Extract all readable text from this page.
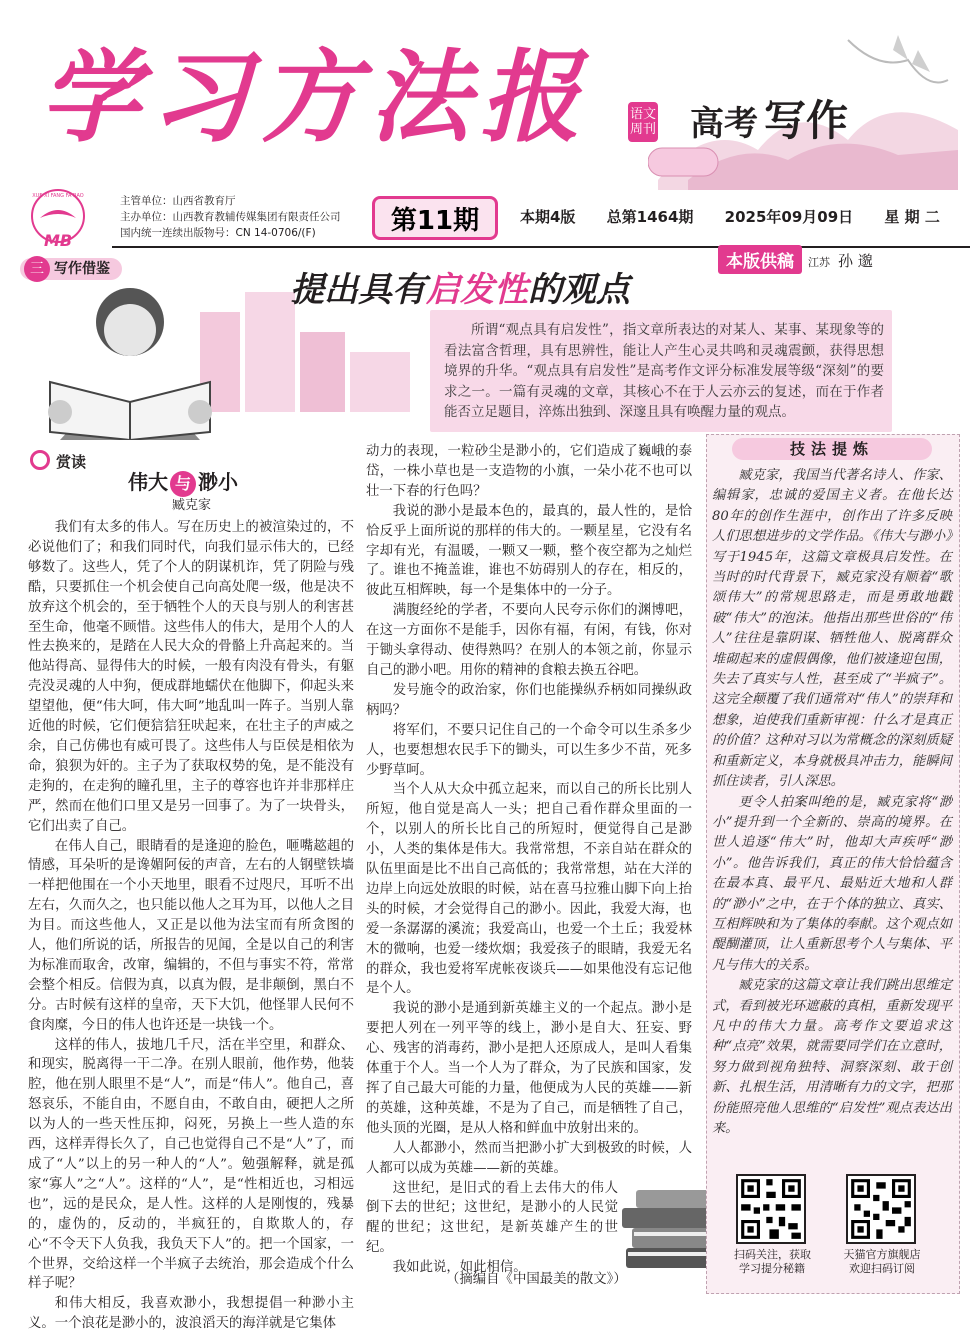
学习方法报	语文周刊 高考 写作
MB
XUE XI FANG FA BAO	主管单位：山西省教育厅
主办单位：山西教育教辅传媒集团有限责任公司
国内统一连续出版物号：CN 14-0706/(F)	第11期	本期4版 总第1464期 2025年09月09日 星 期 二
写作借鉴
三	本版供稿	江苏 孙 邈
提出具有启发性的观点
所谓“观点具有启发性”，指文章所表达的对某人、某事、某现象等的看法富含哲理，具有思辨性，能让人产生心灵共鸣和灵魂震颤，获得思想境界的升华。“观点具有启发性”是高考作文评分标准发展等级“深刻”的要求之一。一篇有灵魂的文章，其核心不在于人云亦云的复述，而在于作者能否立足题目，淬炼出独到、深邃且具有唤醒力量的观点。
赏读
伟大 与 渺小
臧克家

我们有太多的伟人。写在历史上的被渲染过的，不必说他们了；和我们同时代，向我们显示伟大的，已经够数了。这些人，凭了个人的阴谋机诈，凭了阴险与残酷，只要抓住一个机会使自己向高处爬一级，他是决不放弃这个机会的，至于牺牲个人的天良与别人的利害甚至生命，他毫不顾惜。这些伟人的伟大，是用个人的人性去换来的，是踏在人民大众的骨骼上升高起来的。当他站得高、显得伟大的时候，一般有肉没有骨头，有躯壳没灵魂的人中狗，便成群地蠕伏在他脚下，仰起头来望望他，便“伟大呵，伟大呵”地乱叫一阵子。当别人靠近他的时候，它们便狺狺狂吠起来，在壮主子的声威之余，自己仿佛也有威可畏了。这些伟人与臣侯是相依为命，狼狈为奸的。主子为了获取权势的兔，是不能没有走狗的，在走狗的瞳孔里，主子的尊容也许并非那样庄严，然而在他们口里又是另一回事了。为了一块骨头，它们出卖了自己。

在伟人自己，眼睛看的是逢迎的脸色，咂嘴趑趄的情感，耳朵听的是谗媚阿佞的声音，左右的人钢壁铁墙一样把他围在一个小天地里，眼看不过咫尺，耳听不出左右，久而久之，也只能以他人之耳为耳，以他人之目为目。而这些他人，又正是以他为法宝而有所贪图的人，他们所说的话，所报告的见闻，全是以自己的利害为标准而取舍，改窜，编辑的，不但与事实不符，常常会整个相反。信假为真，以真为假，是非颠倒，黑白不分。古时候有这样的皇帝，天下大饥，他怪罪人民何不食肉糜，今日的伟人也许还是一块钱一个。

这样的伟人，拔地几千尺，活在半空里，和群众、和现实，脱离得一干二净。在别人眼前，他作势，他装腔，他在别人眼里不是“人”，而是“伟人”。他自己，喜怒哀乐，不能自由，不愿自由，不敢自由，硬把人之所以为人的一些天性压抑，闷死，另换上一些人造的东西，这样弄得长久了，自己也觉得自己不是“人”了，而成了“人”以上的另一种人的“人”。勉强解释，就是孤家“寡人”之“人”。这样的“人”，是“性相近也，习相远也”，远的是民众，是人性。这样的人是刚愎的，残暴的，虚伪的，反动的，半疯狂的，自欺欺人的，存心“不令天下人负我，我负天下人”的。把一个国家，一个世界，交给这样一个半疯子去统治，那会造成个什么样子呢？

和伟大相反，我喜欢渺小，我想提倡一种渺小主义。一个浪花是渺小的，波浪滔天的海洋就是它集体

动力的表现，一粒砂尘是渺小的，它们造成了巍峨的泰岱，一株小草也是一支造物的小旗，一朵小花不也可以壮一下春的行色吗？

我说的渺小是最本色的，最真的，最人性的，是恰恰反乎上面所说的那样的伟大的。一颗星星，它没有名字却有光，有温暖，一颗又一颗，整个夜空都为之灿烂了。谁也不掩盖谁，谁也不妨碍别人的存在，相反的，彼此互相辉映，每一个是集体中的一分子。

满腹经纶的学者，不要向人民夸示你们的渊博吧，在这一方面你不是能手，因你有福，有闲，有钱，你对于锄头拿得动、使得熟吗？在别人的本领之前，你显示自己的渺小吧。用你的精神的食粮去换五谷吧。

发号施令的政治家，你们也能操纵乔柄如同操纵政柄吗？

将军们，不要只记住自己的一个命令可以生杀多少人，也要想想农民手下的锄头，可以生多少不苗，死多少野草呵。

当个人从大众中孤立起来，而以自己的所长比别人所短，他自觉是高人一头；把自己看作群众里面的一个，以别人的所长比自己的所短时，便觉得自己是渺小，人类的集体是伟大。我常常想，不亲自站在群众的队伍里面是比不出自己高低的；我常常想，站在大洋的边岸上向远处放眼的时候，站在喜马拉雅山脚下向上抬头的时候，才会觉得自己的渺小。因此，我爱大海，也爱一条潺潺的溪流；我爱高山，也爱一个土丘；我爱林木的微响，也爱一缕炊烟；我爱孩子的眼睛，我爱无名的群众，我也爱将军虎帐夜谈兵——如果他没有忘记他是个人。

我说的渺小是通到新英雄主义的一个起点。渺小是要把人列在一列平等的线上，渺小是自大、狂妄、野心、残害的消毒药，渺小是把人还原成人，是叫人看集体重于个人。当一个人为了群众，为了民族和国家，发挥了自己最大可能的力量，他便成为人民的英雄——新的英雄，这种英雄，不是为了自己，而是牺牲了自己，他头顶的光圈，是从人格和鲜血中放射出来的。

人人都渺小，然而当把渺小扩大到极致的时候，人人都可以成为英雄——新的英雄。

这世纪，是旧式的看上去伟大的伟人倒下去的世纪；这世纪，是渺小的人民觉醒的世纪；这世纪，是新英雄产生的世纪。

我如此说，如此相信。

（摘编自《中国最美的散文》）
技法提炼

臧克家，我国当代著名诗人、作家、编辑家，忠诚的爱国主义者。在他长达80年的创作生涯中，创作出了许多反映人们思想进步的文学作品。《伟大与渺小》写于1945年，这篇文章极具启发性。在当时的时代背景下，臧克家没有顺着“歌颂伟大”的常规思路走，而是勇敢地戳破“伟大”的泡沫。他指出那些世俗的“伟人”往往是靠阴谋、牺牲他人、脱离群众堆砌起来的虚假偶像，他们被逢迎包围，失去了真实与人性，甚至成了“半疯子”。这完全颠覆了我们通常对“伟人”的崇拜和想象，迫使我们重新审视：什么才是真正的价值？这种对习以为常概念的深刻质疑和重新定义，本身就极具冲击力，能瞬间抓住读者，引人深思。

更令人拍案叫绝的是，臧克家将“渺小”提升到一个全新的、崇高的境界。在世人追逐“伟大”时，他却大声疾呼“渺小”。他告诉我们，真正的伟大恰恰蕴含在最本真、最平凡、最贴近大地和人群的“渺小”之中，在于个体的独立、真实、互相辉映和为了集体的奉献。这个观点如醍醐灌顶，让人重新思考个人与集体、平凡与伟大的关系。

臧克家的这篇文章让我们跳出思维定式，看到被光环遮蔽的真相，重新发现平凡中的伟大力量。高考作文要追求这种“点亮”效果，就需要同学们在立意时，努力做到视角独特、洞察深刻、敢于创新、扎根生活，用清晰有力的文字，把那份能照亮他人思维的“启发性”观点表达出来。

扫码关注，获取
学习提分秘籍
天猫官方旗舰店
欢迎扫码订阅
